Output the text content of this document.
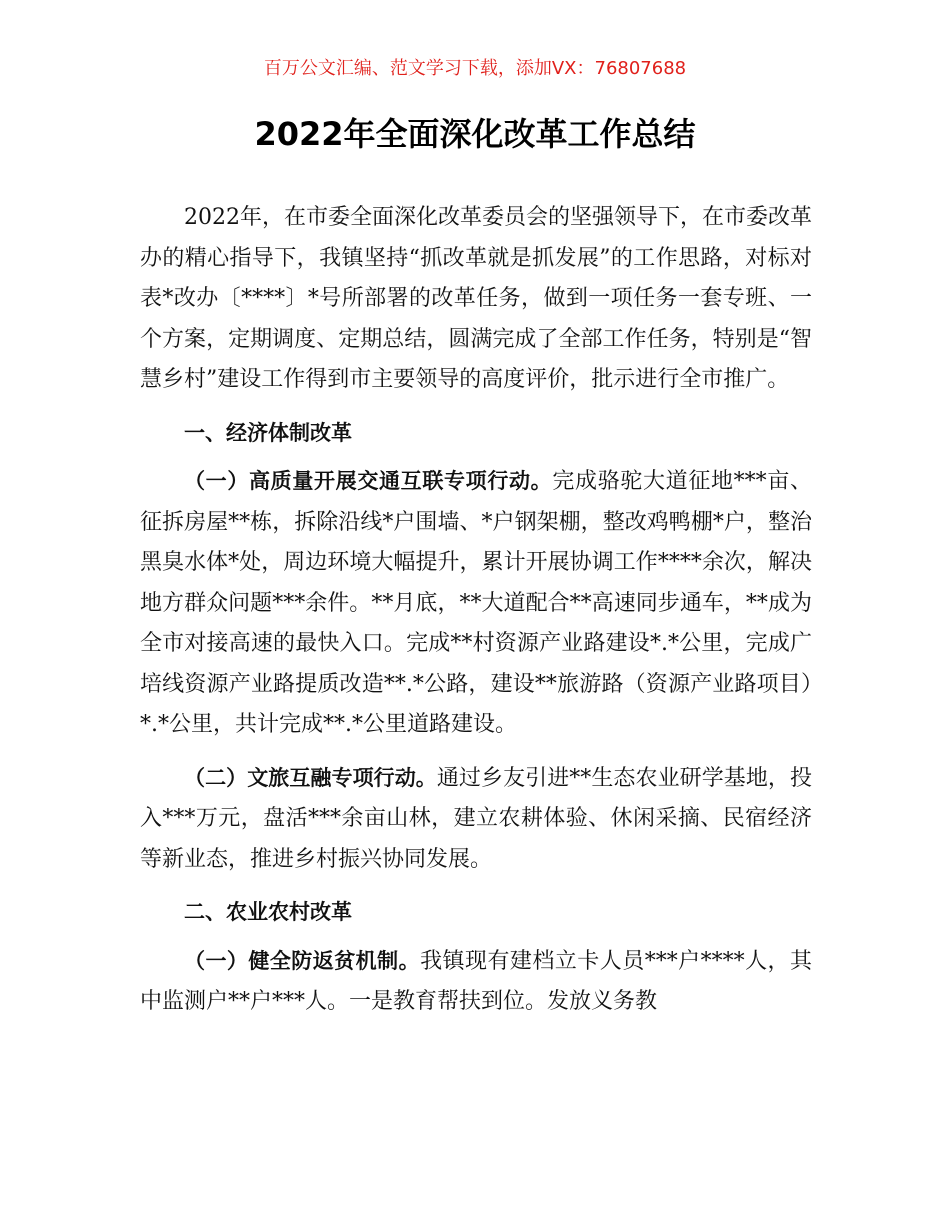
百万公文汇编、范文学习下载，添加VX：76807688
2022年全面深化改革工作总结

2022年，在市委全面深化改革委员会的坚强领导下，在市委改革办的精心指导下，我镇坚持“抓改革就是抓发展”的工作思路，对标对表*改办〔****〕*号所部署的改革任务，做到一项任务一套专班、一个方案，定期调度、定期总结，圆满完成了全部工作任务，特别是“智慧乡村”建设工作得到市主要领导的高度评价，批示进行全市推广。

一、经济体制改革

（一）高质量开展交通互联专项行动。完成骆驼大道征地***亩、征拆房屋**栋，拆除沿线*户围墙、*户钢架棚，整改鸡鸭棚*户，整治黑臭水体*处，周边环境大幅提升，累计开展协调工作****余次，解决地方群众问题***余件。**月底，**大道配合**高速同步通车，**成为全市对接高速的最快入口。完成**村资源产业路建设*.*公里，完成广培线资源产业路提质改造**.*公路，建设**旅游路（资源产业路项目）*.*公里，共计完成**.*公里道路建设。

（二）文旅互融专项行动。通过乡友引进**生态农业研学基地，投入***万元，盘活***余亩山林，建立农耕体验、休闲采摘、民宿经济等新业态，推进乡村振兴协同发展。

二、农业农村改革

（一）健全防返贫机制。我镇现有建档立卡人员***户****人，其中监测户**户***人。一是教育帮扶到位。发放义务教
